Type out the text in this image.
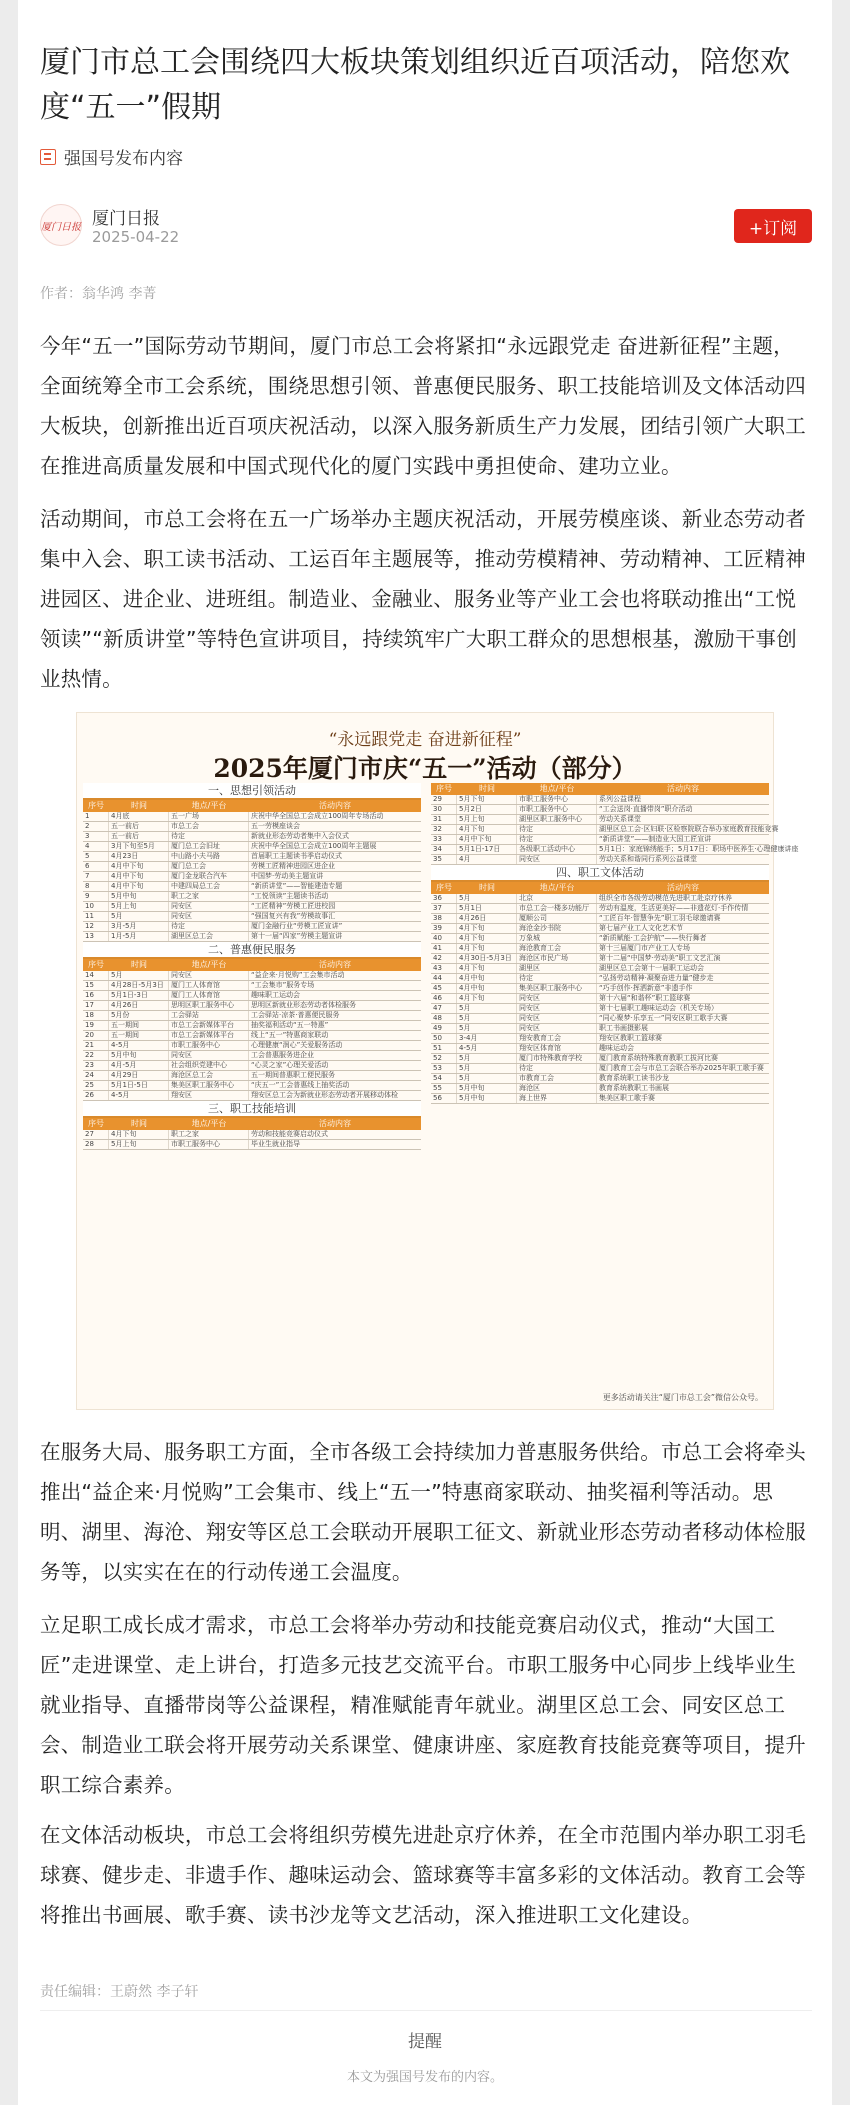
厦门市总工会围绕四大板块策划组织近百项活动，陪您欢度“五一”假期
强国号发布内容
厦门日报 厦门日报
2025-04-22	+订阅
作者：翁华鸿 李菁

今年“五一”国际劳动节期间，厦门市总工会将紧扣“永远跟党走 奋进新征程”主题，全面统筹全市工会系统，围绕思想引领、普惠便民服务、职工技能培训及文体活动四大板块，创新推出近百项庆祝活动，以深入服务新质生产力发展，团结引领广大职工在推进高质量发展和中国式现代化的厦门实践中勇担使命、建功立业。

活动期间，市总工会将在五一广场举办主题庆祝活动，开展劳模座谈、新业态劳动者集中入会、职工读书活动、工运百年主题展等，推动劳模精神、劳动精神、工匠精神进园区、进企业、进班组。制造业、金融业、服务业等产业工会也将联动推出“工悦领读”“新质讲堂”等特色宣讲项目，持续筑牢广大职工群众的思想根基，激励干事创业热情。

“永远跟党走 奋进新征程”
2025年厦门市庆“五一”活动（部分）
一、思想引领活动
序号	时间	地点/平台	活动内容
1	4月底	五一广场	庆祝中华全国总工会成立100周年专场活动
2	五一前后	市总工会	五一劳模座谈会
3	五一前后	待定	新就业形态劳动者集中入会仪式
4	3月下旬至5月	厦门总工会旧址	庆祝中华全国总工会成立100周年主题展
5	4月23日	中山路小夫马路	首届职工主题读书季启动仪式
6	4月中下旬	厦门总工会	劳模工匠精神进园区进企业
7	4月中下旬	厦门金龙联合汽车	中国梦·劳动美主题宣讲
8	4月中下旬	中建四局总工会	“新质讲堂”——智能建造专题
9	5月中旬	职工之家	“工悦领读”主题读书活动
10	5月上旬	同安区	“工匠精神”劳模工匠进校园
11	5月	同安区	“强国复兴有我”劳模故事汇
12	3月-5月	待定	厦门金融行业“劳模工匠宣讲”
13	1月-5月	湖里区总工会	第十一届“四家”劳模主题宣讲
二、普惠便民服务
序号	时间	地点/平台	活动内容
14	5月	同安区	“益企来·月悦购”工会集市活动
15	4月28日-5月3日	厦门工人体育馆	“工会集市”服务专场
16	5月1日-3日	厦门工人体育馆	趣味职工运动会
17	4月26日	思明区职工服务中心	思明区新就业形态劳动者体检服务
18	5月份	工会驿站	工会驿站·凉茶·普惠便民服务
19	五一期间	市总工会新媒体平台	抽奖福利活动“五一特惠”
20	五一期间	市总工会新媒体平台	线上“五一”特惠商家联动
21	4-5月	市职工服务中心	心理健康“润心”关爱服务活动
22	5月中旬	同安区	工会普惠服务进企业
23	4月-5月	社会组织党建中心	“心灵之家”心理关爱活动
24	4月29日	海沧区总工会	五一期间普惠职工便民服务
25	5月1日-5日	集美区职工服务中心	“庆五一”工会普惠线上抽奖活动
26	4-5月	翔安区	翔安区总工会为新就业形态劳动者开展移动体检
三、职工技能培训
序号	时间	地点/平台	活动内容
27	4月下旬	职工之家	劳动和技能竞赛启动仪式
28	5月上旬	市职工服务中心	毕业生就业指导
序号	时间	地点/平台	活动内容
29	5月下旬	市职工服务中心	系列公益课程
30	5月2日	市职工服务中心	“工会送岗·直播带岗”职介活动
31	5月上旬	湖里区职工服务中心	劳动关系课堂
32	4月下旬	待定	湖里区总工会·区妇联·区检察院联合举办家庭教育技能竞赛
33	4月中下旬	待定	“新质讲堂”——制造业大国工匠宣讲
34	5月1日-17日	各级职工活动中心	5月1日：家庭锦绣能手；5月17日：职场中医养生·心理健康讲座
35	4月	同安区	劳动关系和谐同行系列公益课堂
四、职工文体活动
序号	时间	地点/平台	活动内容
36	5月	北京	组织全市各级劳动模范先进职工赴京疗休养
37	5月1日	市总工会一楼多功能厅	劳动有温度，生活更美好——非遗花灯·手作传情
38	4月26日	厦顺公司	“工匠百年·智慧争先”职工羽毛球邀请赛
39	4月下旬	海沧金沙书院	第七届产业工人文化艺术节
40	4月下旬	万象城	“新质赋能·工会护航”——快行舞者
41	4月下旬	海沧教育工会	第十三届厦门市产业工人专场
42	4月30日-5月3日	海沧区市民广场	第十二届“中国梦·劳动美”职工文艺汇演
43	4月下旬	湖里区	湖里区总工会第十一届职工运动会
44	4月中旬	待定	“弘扬劳动精神·凝聚奋进力量”健步走
45	4月中旬	集美区职工服务中心	“巧手创作·挥洒新意”非遗手作
46	4月下旬	同安区	第十六届“和谐杯”职工篮球赛
47	5月	同安区	第十七届职工趣味运动会（机关专场）
48	5月	同安区	“同心聚梦·乐享五一”同安区职工歌手大赛
49	5月	同安区	职工书画摄影展
50	3-4月	翔安教育工会	翔安区教职工篮球赛
51	4-5月	翔安区体育馆	趣味运动会
52	5月	厦门市特殊教育学校	厦门教育系统特殊教育教职工拔河比赛
53	5月	待定	厦门教育工会与市总工会联合举办2025年职工歌手赛
54	5月	市教育工会	教育系统职工读书沙龙
55	5月中旬	海沧区	教育系统教职工书画展
56	5月中旬	海上世界	集美区职工歌手赛
更多活动请关注“厦门市总工会”微信公众号。

在服务大局、服务职工方面，全市各级工会持续加力普惠服务供给。市总工会将牵头推出“益企来·月悦购”工会集市、线上“五一”特惠商家联动、抽奖福利等活动。思明、湖里、海沧、翔安等区总工会联动开展职工征文、新就业形态劳动者移动体检服务等，以实实在在的行动传递工会温度。

立足职工成长成才需求，市总工会将举办劳动和技能竞赛启动仪式，推动“大国工匠”走进课堂、走上讲台，打造多元技艺交流平台。市职工服务中心同步上线毕业生就业指导、直播带岗等公益课程，精准赋能青年就业。湖里区总工会、同安区总工会、制造业工联会将开展劳动关系课堂、健康讲座、家庭教育技能竞赛等项目，提升职工综合素养。

在文体活动板块，市总工会将组织劳模先进赴京疗休养，在全市范围内举办职工羽毛球赛、健步走、非遗手作、趣味运动会、篮球赛等丰富多彩的文体活动。教育工会等将推出书画展、歌手赛、读书沙龙等文艺活动，深入推进职工文化建设。

责任编辑：王蔚然 李子轩
提醒
本文为强国号发布的内容。
